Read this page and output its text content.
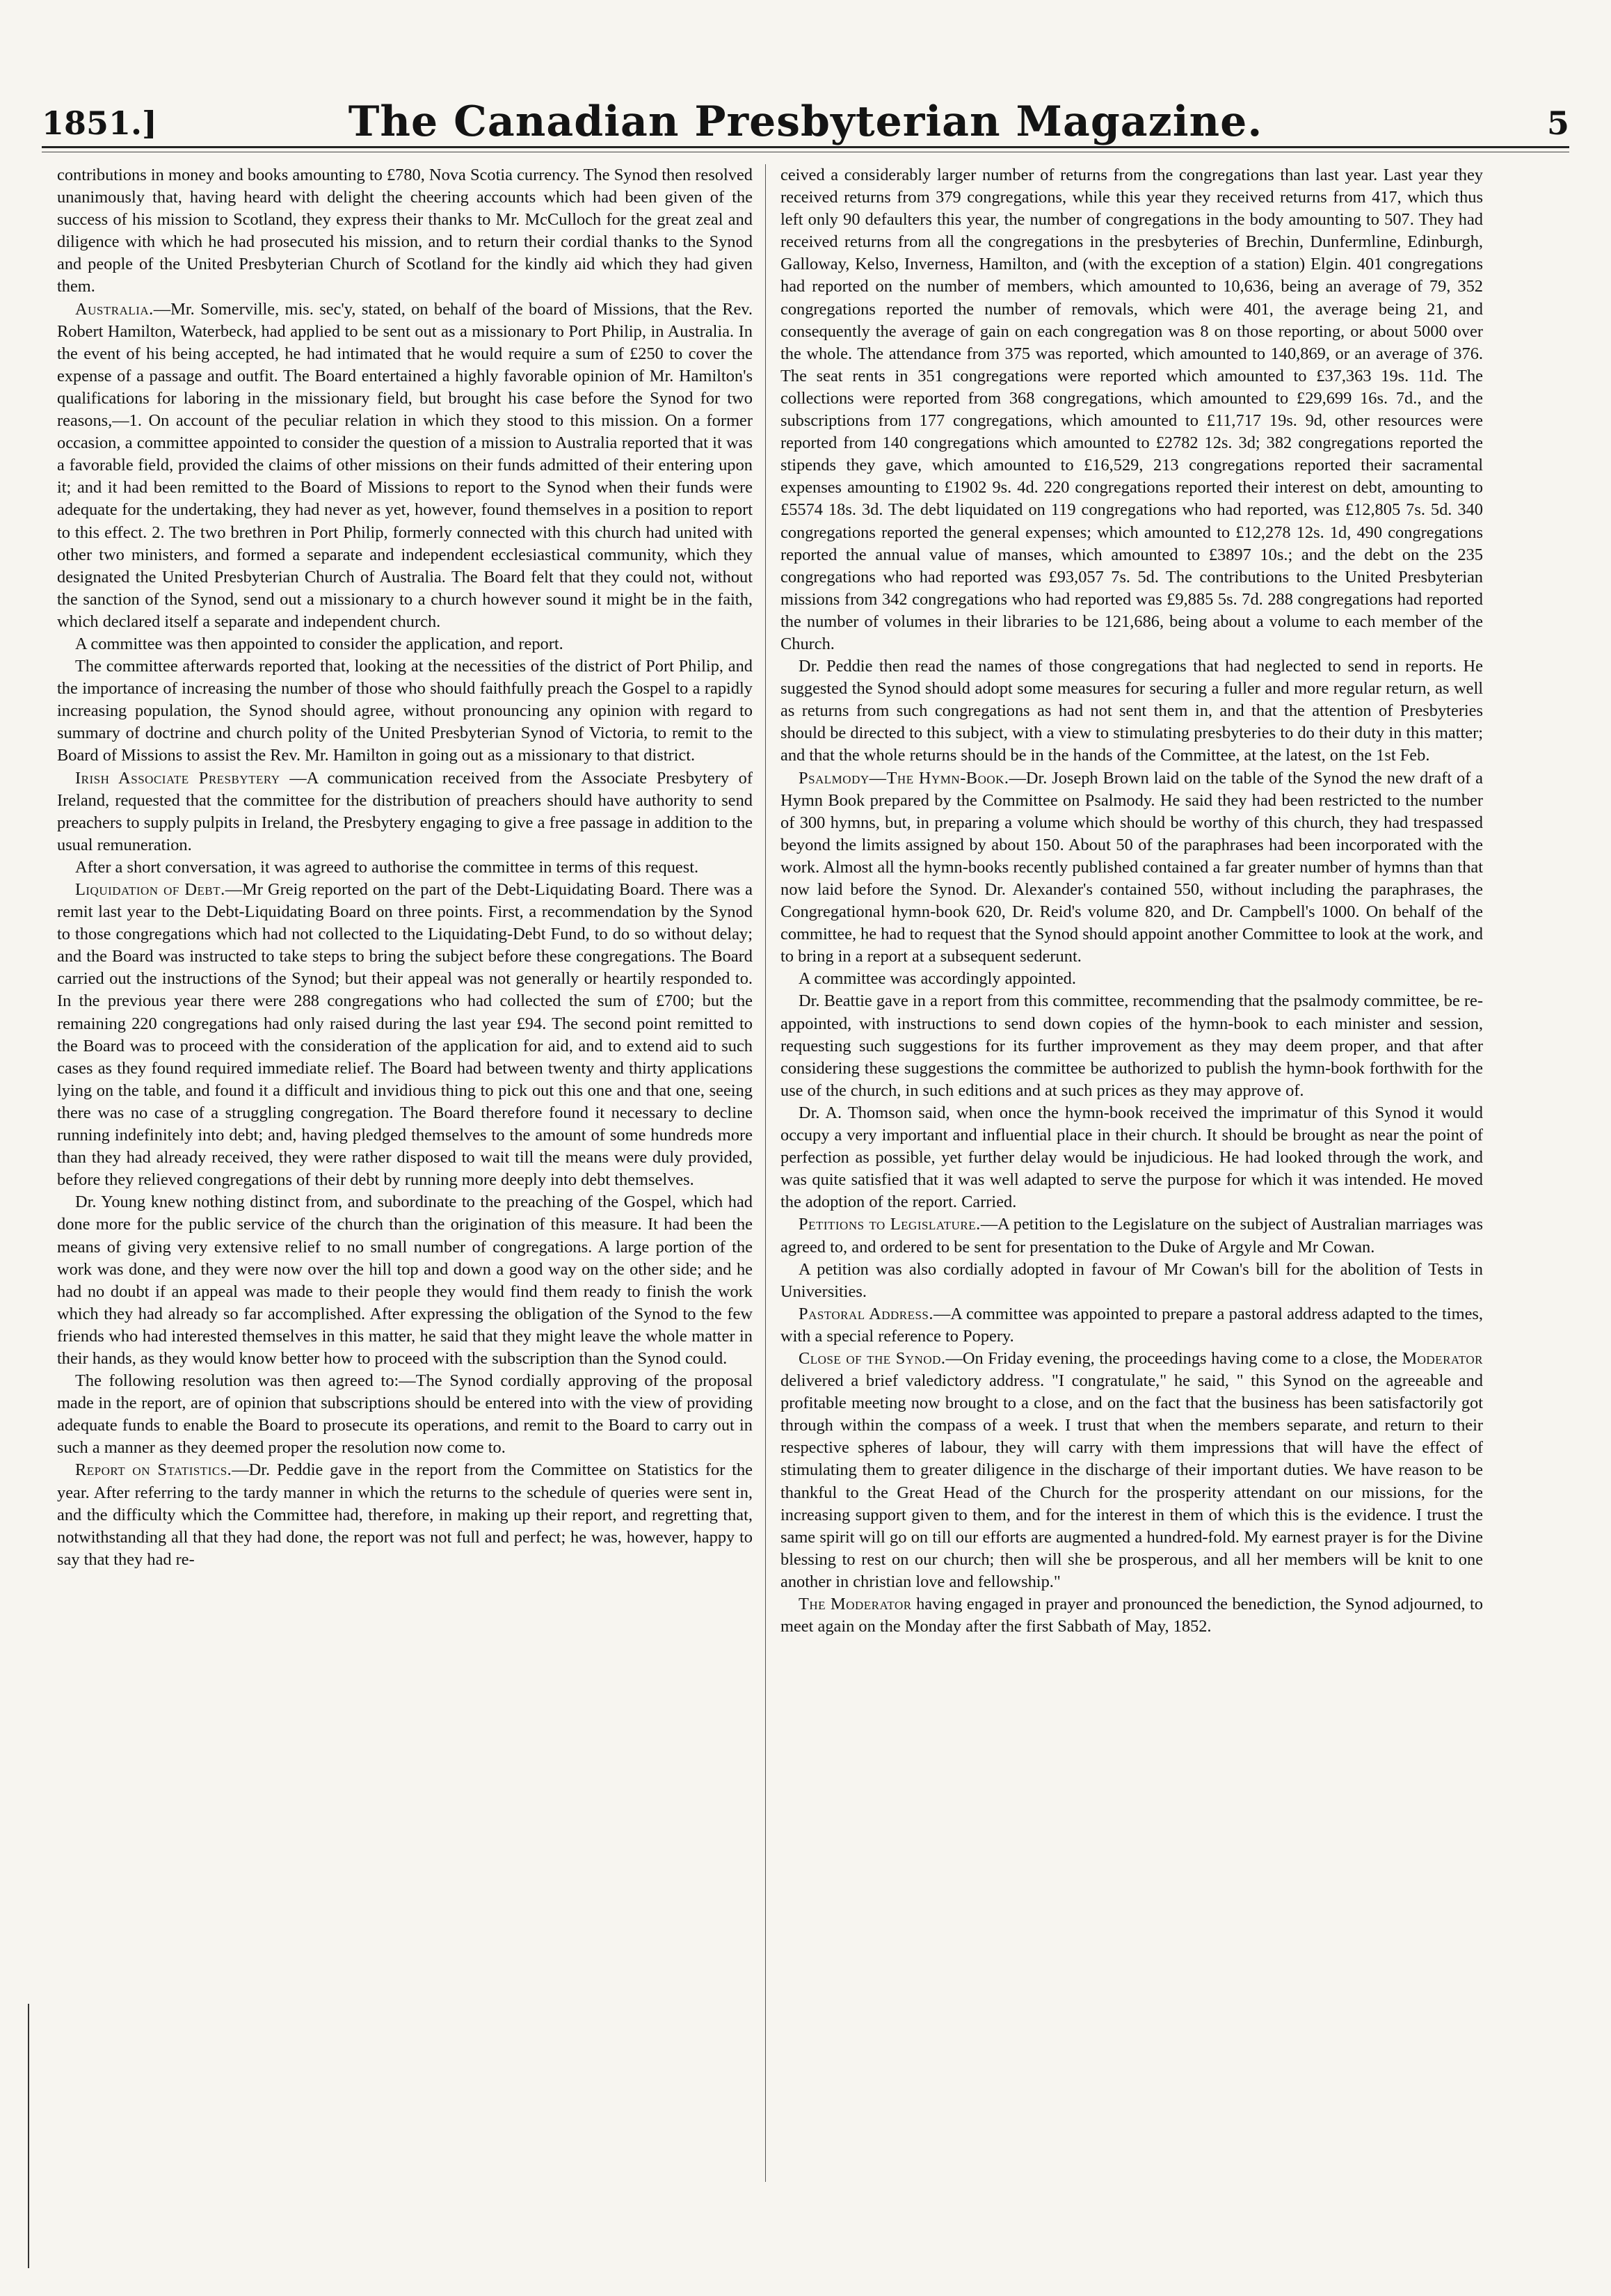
1851.]	The Canadian Presbyterian Magazine.	5

contributions in money and books amounting to £780, Nova Scotia currency. The Synod then resolved unanimously that, having heard with delight the cheering accounts which had been given of the success of his mission to Scotland, they express their thanks to Mr. McCulloch for the great zeal and diligence with which he had prosecuted his mission, and to return their cordial thanks to the Synod and people of the United Presbyterian Church of Scotland for the kindly aid which they had given them.

Australia.—Mr. Somerville, mis. sec'y, stated, on behalf of the board of Missions, that the Rev. Robert Hamilton, Waterbeck, had applied to be sent out as a missionary to Port Philip, in Australia. In the event of his being accepted, he had intimated that he would require a sum of £250 to cover the expense of a passage and outfit. The Board entertained a highly favorable opinion of Mr. Hamilton's qualifications for laboring in the missionary field, but brought his case before the Synod for two reasons,—1. On account of the peculiar relation in which they stood to this mission. On a former occasion, a committee appointed to consider the question of a mission to Australia reported that it was a favorable field, provided the claims of other missions on their funds admitted of their entering upon it; and it had been remitted to the Board of Missions to report to the Synod when their funds were adequate for the undertaking, they had never as yet, however, found themselves in a position to report to this effect. 2. The two brethren in Port Philip, formerly connected with this church had united with other two ministers, and formed a separate and independent ecclesiastical community, which they designated the United Presbyterian Church of Australia. The Board felt that they could not, without the sanction of the Synod, send out a missionary to a church however sound it might be in the faith, which declared itself a separate and independent church.

A committee was then appointed to consider the application, and report.

The committee afterwards reported that, looking at the necessities of the district of Port Philip, and the importance of increasing the number of those who should faithfully preach the Gospel to a rapidly increasing population, the Synod should agree, without pronouncing any opinion with regard to summary of doctrine and church polity of the United Presbyterian Synod of Victoria, to remit to the Board of Missions to assist the Rev. Mr. Hamilton in going out as a missionary to that district.

Irish Associate Presbytery —A communication received from the Associate Presbytery of Ireland, requested that the committee for the distribution of preachers should have authority to send preachers to supply pulpits in Ireland, the Presbytery engaging to give a free passage in addition to the usual remuneration.

After a short conversation, it was agreed to authorise the committee in terms of this request.

Liquidation of Debt.—Mr Greig reported on the part of the Debt-Liquidating Board. There was a remit last year to the Debt-Liquidating Board on three points. First, a recommendation by the Synod to those congregations which had not collected to the Liquidating-Debt Fund, to do so without delay; and the Board was instructed to take steps to bring the subject before these congregations. The Board carried out the instructions of the Synod; but their appeal was not generally or heartily responded to. In the previous year there were 288 congregations who had collected the sum of £700; but the remaining 220 congregations had only raised during the last year £94. The second point remitted to the Board was to proceed with the consideration of the application for aid, and to extend aid to such cases as they found required immediate relief. The Board had between twenty and thirty applications lying on the table, and found it a difficult and invidious thing to pick out this one and that one, seeing there was no case of a struggling congregation. The Board therefore found it necessary to decline running indefinitely into debt; and, having pledged themselves to the amount of some hundreds more than they had already received, they were rather disposed to wait till the means were duly provided, before they relieved congregations of their debt by running more deeply into debt themselves.

Dr. Young knew nothing distinct from, and subordinate to the preaching of the Gospel, which had done more for the public service of the church than the origination of this measure. It had been the means of giving very extensive relief to no small number of congregations. A large portion of the work was done, and they were now over the hill top and down a good way on the other side; and he had no doubt if an appeal was made to their people they would find them ready to finish the work which they had already so far accomplished. After expressing the obligation of the Synod to the few friends who had interested themselves in this matter, he said that they might leave the whole matter in their hands, as they would know better how to proceed with the subscription than the Synod could.

The following resolution was then agreed to:—The Synod cordially approving of the proposal made in the report, are of opinion that subscriptions should be entered into with the view of providing adequate funds to enable the Board to prosecute its operations, and remit to the Board to carry out in such a manner as they deemed proper the resolution now come to.

Report on Statistics.—Dr. Peddie gave in the report from the Committee on Statistics for the year. After referring to the tardy manner in which the returns to the schedule of queries were sent in, and the difficulty which the Committee had, therefore, in making up their report, and regretting that, notwithstanding all that they had done, the report was not full and perfect; he was, however, happy to say that they had re-

ceived a considerably larger number of returns from the congregations than last year. Last year they received returns from 379 congregations, while this year they received returns from 417, which thus left only 90 defaulters this year, the number of congregations in the body amounting to 507. They had received returns from all the congregations in the presbyteries of Brechin, Dunfermline, Edinburgh, Galloway, Kelso, Inverness, Hamilton, and (with the exception of a station) Elgin. 401 congregations had reported on the number of members, which amounted to 10,636, being an average of 79, 352 congregations reported the number of removals, which were 401, the average being 21, and consequently the average of gain on each congregation was 8 on those reporting, or about 5000 over the whole. The attendance from 375 was reported, which amounted to 140,869, or an average of 376. The seat rents in 351 congregations were reported which amounted to £37,363 19s. 11d. The collections were reported from 368 congregations, which amounted to £29,699 16s. 7d., and the subscriptions from 177 congregations, which amounted to £11,717 19s. 9d, other resources were reported from 140 congregations which amounted to £2782 12s. 3d; 382 congregations reported the stipends they gave, which amounted to £16,529, 213 congregations reported their sacramental expenses amounting to £1902 9s. 4d. 220 congregations reported their interest on debt, amounting to £5574 18s. 3d. The debt liquidated on 119 congregations who had reported, was £12,805 7s. 5d. 340 congregations reported the general expenses; which amounted to £12,278 12s. 1d, 490 congregations reported the annual value of manses, which amounted to £3897 10s.; and the debt on the 235 congregations who had reported was £93,057 7s. 5d. The contributions to the United Presbyterian missions from 342 congregations who had reported was £9,885 5s. 7d. 288 congregations had reported the number of volumes in their libraries to be 121,686, being about a volume to each member of the Church.

Dr. Peddie then read the names of those congregations that had neglected to send in reports. He suggested the Synod should adopt some measures for securing a fuller and more regular return, as well as returns from such congregations as had not sent them in, and that the attention of Presbyteries should be directed to this subject, with a view to stimulating presbyteries to do their duty in this matter; and that the whole returns should be in the hands of the Committee, at the latest, on the 1st Feb.

Psalmody—The Hymn-Book.—Dr. Joseph Brown laid on the table of the Synod the new draft of a Hymn Book prepared by the Committee on Psalmody. He said they had been restricted to the number of 300 hymns, but, in preparing a volume which should be worthy of this church, they had trespassed beyond the limits assigned by about 150. About 50 of the paraphrases had been incorporated with the work. Almost all the hymn-books recently published contained a far greater number of hymns than that now laid before the Synod. Dr. Alexander's contained 550, without including the paraphrases, the Congregational hymn-book 620, Dr. Reid's volume 820, and Dr. Campbell's 1000. On behalf of the committee, he had to request that the Synod should appoint another Committee to look at the work, and to bring in a report at a subsequent sederunt.

A committee was accordingly appointed.

Dr. Beattie gave in a report from this committee, recommending that the psalmody committee, be re-appointed, with instructions to send down copies of the hymn-book to each minister and session, requesting such suggestions for its further improvement as they may deem proper, and that after considering these suggestions the committee be authorized to publish the hymn-book forthwith for the use of the church, in such editions and at such prices as they may approve of.

Dr. A. Thomson said, when once the hymn-book received the imprimatur of this Synod it would occupy a very important and influential place in their church. It should be brought as near the point of perfection as possible, yet further delay would be injudicious. He had looked through the work, and was quite satisfied that it was well adapted to serve the purpose for which it was intended. He moved the adoption of the report. Carried.

Petitions to Legislature.—A petition to the Legislature on the subject of Australian marriages was agreed to, and ordered to be sent for presentation to the Duke of Argyle and Mr Cowan.

A petition was also cordially adopted in favour of Mr Cowan's bill for the abolition of Tests in Universities.

Pastoral Address.—A committee was appointed to prepare a pastoral address adapted to the times, with a special reference to Popery.

Close of the Synod.—On Friday evening, the proceedings having come to a close, the Moderator delivered a brief valedictory address. "I congratulate," he said, " this Synod on the agreeable and profitable meeting now brought to a close, and on the fact that the business has been satisfactorily got through within the compass of a week. I trust that when the members separate, and return to their respective spheres of labour, they will carry with them impressions that will have the effect of stimulating them to greater diligence in the discharge of their important duties. We have reason to be thankful to the Great Head of the Church for the prosperity attendant on our missions, for the increasing support given to them, and for the interest in them of which this is the evidence. I trust the same spirit will go on till our efforts are augmented a hundred-fold. My earnest prayer is for the Divine blessing to rest on our church; then will she be prosperous, and all her members will be knit to one another in christian love and fellowship."

The Moderator having engaged in prayer and pronounced the benediction, the Synod adjourned, to meet again on the Monday after the first Sabbath of May, 1852.
